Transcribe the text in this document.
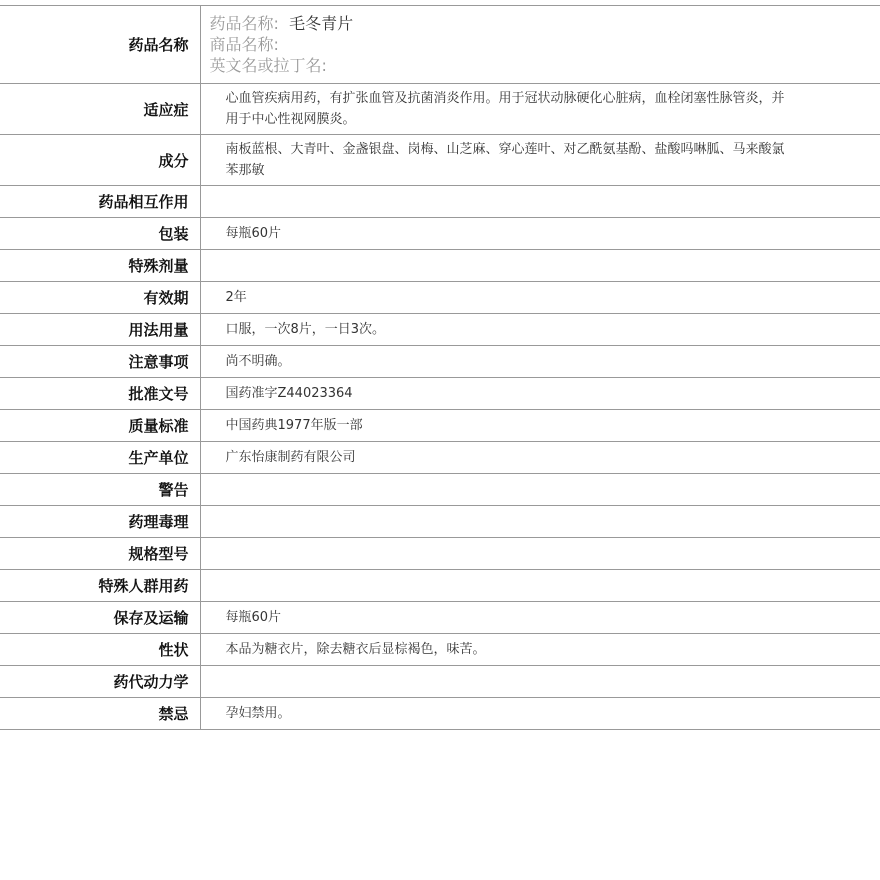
药品名称	药品名称: 毛冬青片
商品名称:
英文名或拉丁名:

适应症	心血管疾病用药，有扩张血管及抗菌消炎作用。用于冠状动脉硬化心脏病，血栓闭塞性脉管炎，并用于中心性视网膜炎。
成分	南板蓝根、大青叶、金盏银盘、岗梅、山芝麻、穿心莲叶、对乙酰氨基酚、盐酸吗啉胍、马来酸氯苯那敏
药品相互作用	
包装	每瓶60片
特殊剂量	
有效期	2年
用法用量	口服，一次8片，一日3次。
注意事项	尚不明确。
批准文号	国药准字Z44023364
质量标准	中国药典1977年版一部
生产单位	广东怡康制药有限公司
警告	
药理毒理	
规格型号	
特殊人群用药	
保存及运输	每瓶60片
性状	本品为糖衣片，除去糖衣后显棕褐色，味苦。
药代动力学	
禁忌	孕妇禁用。
